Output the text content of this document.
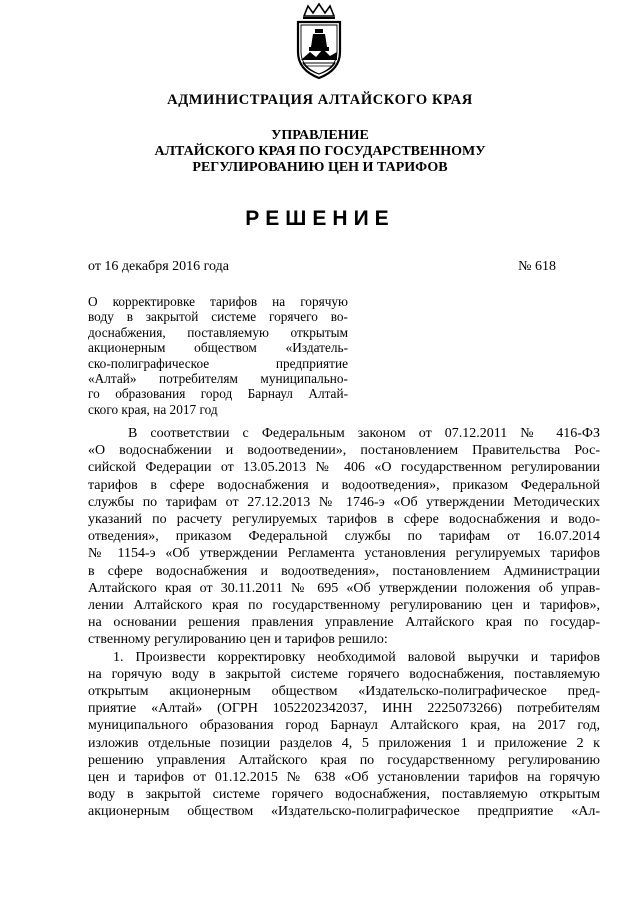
АДМИНИСТРАЦИЯ АЛТАЙСКОГО КРАЯ
УПРАВЛЕНИЕ
АЛТАЙСКОГО КРАЯ ПО ГОСУДАРСТВЕННОМУ
РЕГУЛИРОВАНИЮ ЦЕН И ТАРИФОВ
РЕШЕНИЕ
от 16 декабря 2016 года	№ 618
О корректировке тарифов на горячую
воду в закрытой системе горячего во-
доснабжения, поставляемую открытым
акционерным обществом «Издатель-
ско-полиграфическое предприятие
«Алтай» потребителям муниципально-
го образования город Барнаул Алтай-
ского края, на 2017 год
В соответствии с Федеральным законом от 07.12.2011 № 416-ФЗ
«О водоснабжении и водоотведении», постановлением Правительства Рос-
сийской Федерации от 13.05.2013 № 406 «О государственном регулировании
тарифов в сфере водоснабжения и водоотведения», приказом Федеральной
службы по тарифам от 27.12.2013 № 1746-э «Об утверждении Методических
указаний по расчету регулируемых тарифов в сфере водоснабжения и водо-
отведения», приказом Федеральной службы по тарифам от 16.07.2014
№ 1154-э «Об утверждении Регламента установления регулируемых тарифов
в сфере водоснабжения и водоотведения», постановлением Администрации
Алтайского края от 30.11.2011 № 695 «Об утверждении положения об управ-
лении Алтайского края по государственному регулированию цен и тарифов»,
на основании решения правления управление Алтайского края по государ-
ственному регулированию цен и тарифов решило:
1. Произвести корректировку необходимой валовой выручки и тарифов
на горячую воду в закрытой системе горячего водоснабжения, поставляемую
открытым акционерным обществом «Издательско-полиграфическое пред-
приятие «Алтай» (ОГРН 1052202342037, ИНН 2225073266) потребителям
муниципального образования город Барнаул Алтайского края, на 2017 год,
изложив отдельные позиции разделов 4, 5 приложения 1 и приложение 2 к
решению управления Алтайского края по государственному регулированию
цен и тарифов от 01.12.2015 № 638 «Об установлении тарифов на горячую
воду в закрытой системе горячего водоснабжения, поставляемую открытым
акционерным обществом «Издательско-полиграфическое предприятие «Ал-
